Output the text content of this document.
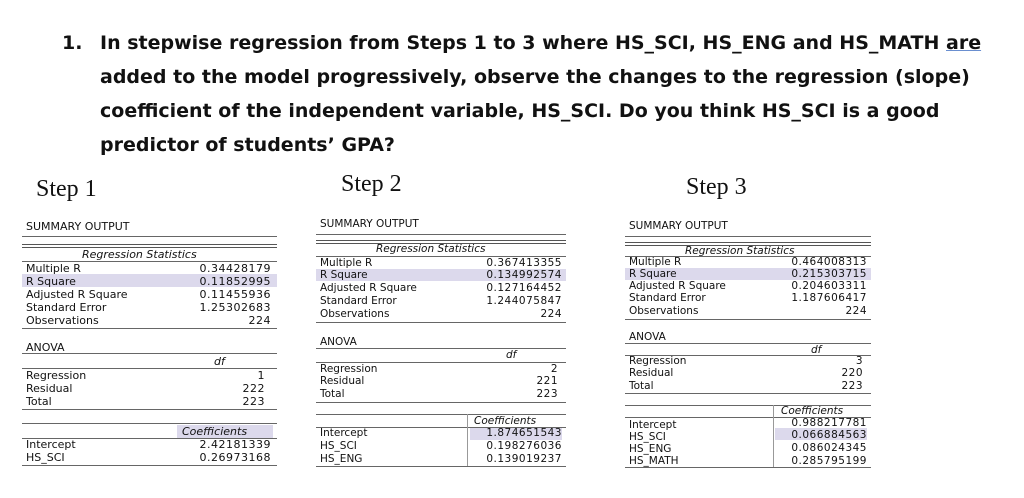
1. In stepwise regression from Steps 1 to 3 where HS_SCI, HS_ENG and HS_MATH are added to the model progressively, observe the changes to the regression (slope) coefficient of the independent variable, HS_SCI. Do you think HS_SCI is a good predictor of students’ GPA?
Step 1	Step 2	Step 3
SUMMARY OUTPUT
Regression Statistics
Multiple R	0.34428179
R Square	0.11852995
Adjusted R Square	0.11455936
Standard Error	1.25302683
Observations	224
ANOVA
df
Regression	1
Residual	222
Total	223
Coefficients
Intercept	2.42181339
HS_SCI	0.26973168
SUMMARY OUTPUT
Regression Statistics
Multiple R	0.367413355
R Square	0.134992574
Adjusted R Square	0.127164452
Standard Error	1.244075847
Observations	224
ANOVA
df
Regression	2
Residual	221
Total	223
Coefficients
Intercept	1.874651543
HS_SCI	0.198276036
HS_ENG	0.139019237
SUMMARY OUTPUT
Regression Statistics
Multiple R	0.464008313
R Square	0.215303715
Adjusted R Square	0.204603311
Standard Error	1.187606417
Observations	224
ANOVA
df
Regression	3
Residual	220
Total	223
Coefficients
Intercept	0.988217781
HS_SCI	0.066884563
HS_ENG	0.086024345
HS_MATH	0.285795199
